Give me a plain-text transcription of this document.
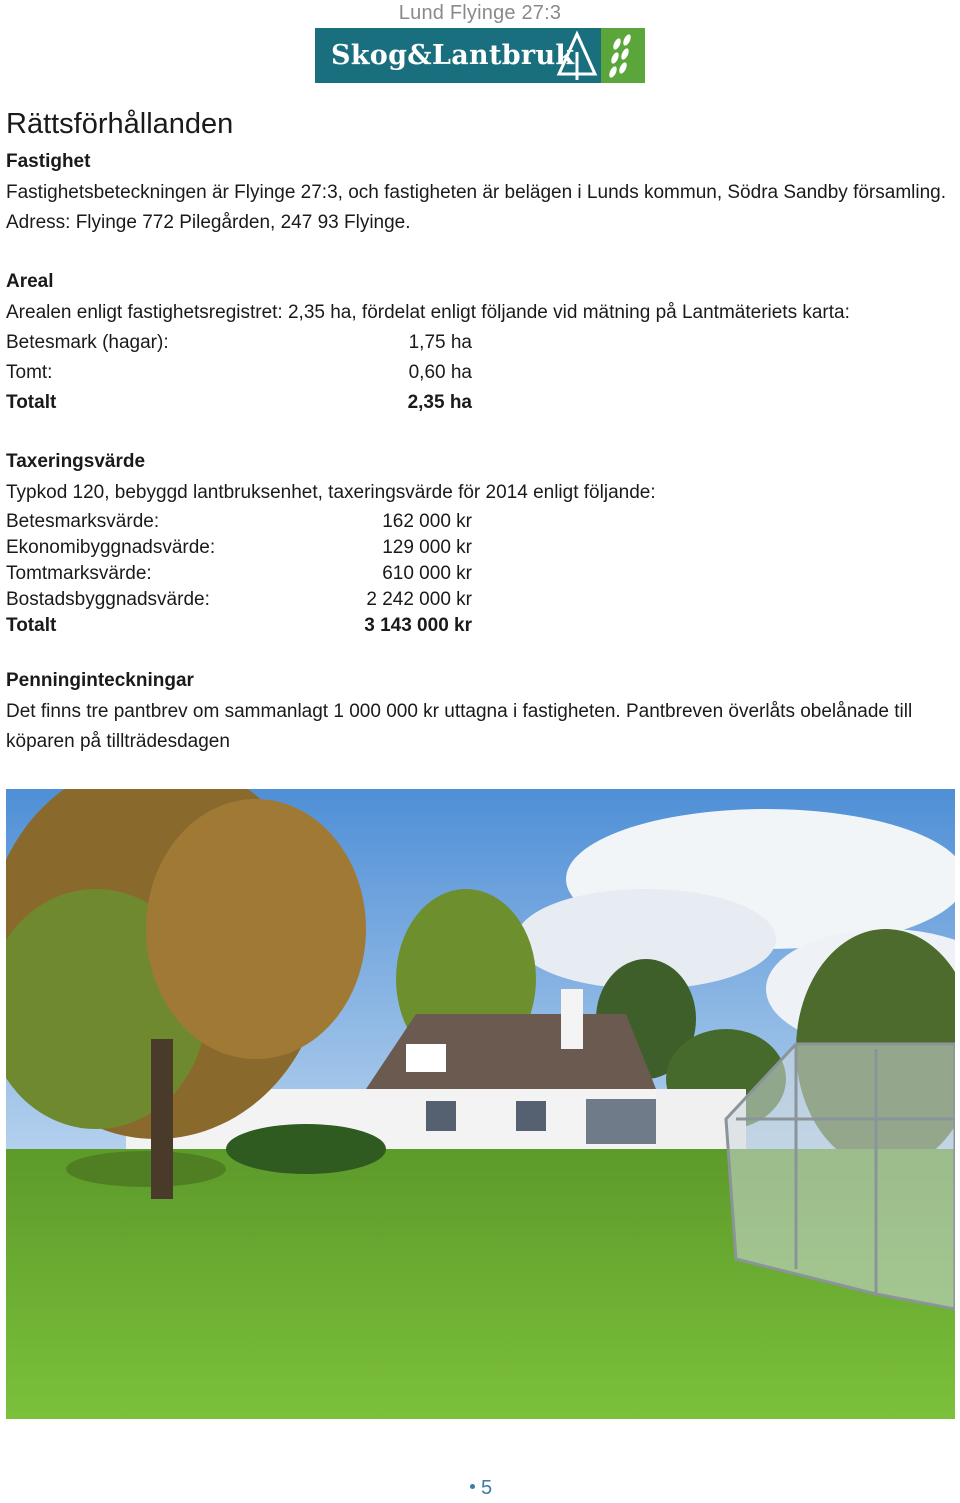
Lund Flyinge 27:3
Skog&Lantbruk
Rättsförhållanden
Fastighet

Fastighetsbeteckningen är Flyinge 27:3, och fastigheten är belägen i Lunds kommun, Södra Sandby församling. Adress: Flyinge 772 Pilegården, 247 93 Flyinge.

Areal

Arealen enligt fastighetsregistret: 2,35 ha, fördelat enligt följande vid mätning på Lantmäteriets karta:

Betesmark (hagar):	1,75 ha
Tomt:	0,60 ha
Totalt	2,35 ha
Taxeringsvärde

Typkod 120, bebyggd lantbruksenhet, taxeringsvärde för 2014 enligt följande:

Betesmarksvärde:	162 000 kr
Ekonomibyggnadsvärde:	129 000 kr
Tomtmarksvärde:	610 000 kr
Bostadsbyggnadsvärde:	2 242 000 kr
Totalt	3 143 000 kr
Penninginteckningar

Det finns tre pantbrev om sammanlagt 1 000 000 kr uttagna i fastigheten. Pantbreven överlåts obelånade till köparen på tillträdesdagen

5
